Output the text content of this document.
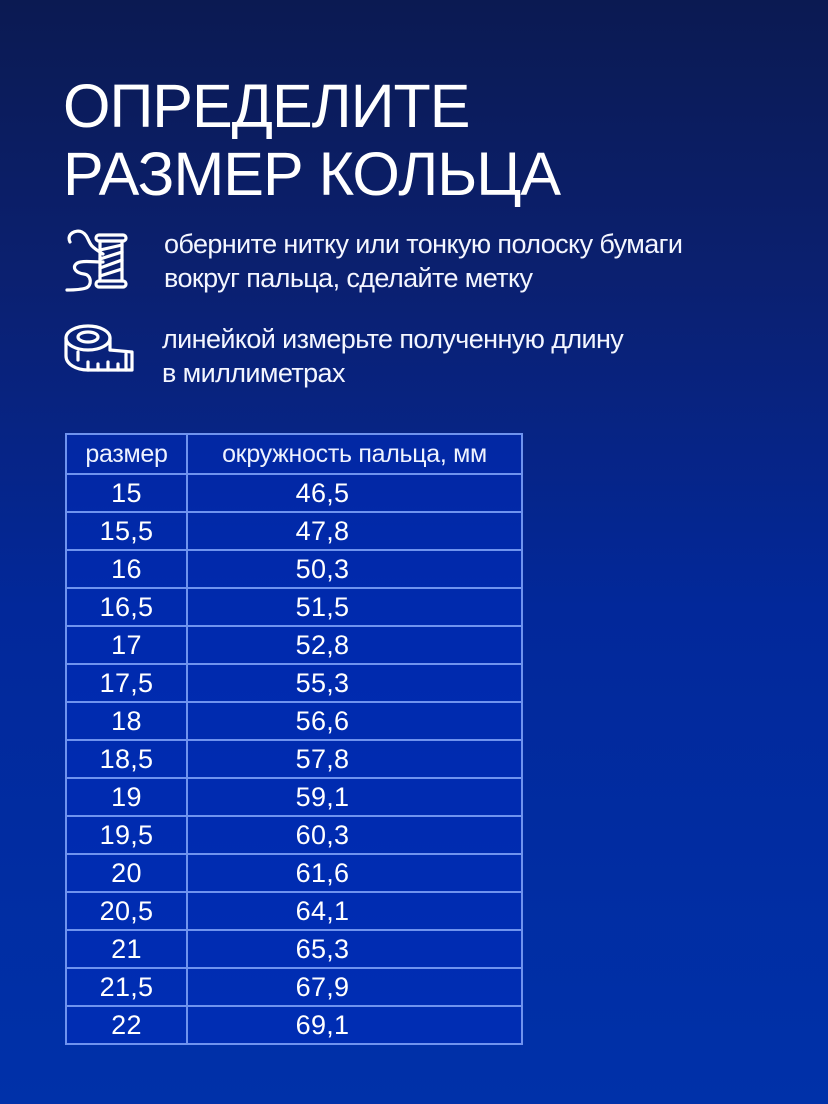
ОПРЕДЕЛИТЕ
РАЗМЕР КОЛЬЦА
оберните нитку или тонкую полоску бумаги
вокруг пальца, сделайте метку
линейкой измерьте полученную длину
в миллиметрах
размер	окружность пальца, мм
15	46,5
15,5	47,8
16	50,3
16,5	51,5
17	52,8
17,5	55,3
18	56,6
18,5	57,8
19	59,1
19,5	60,3
20	61,6
20,5	64,1
21	65,3
21,5	67,9
22	69,1
